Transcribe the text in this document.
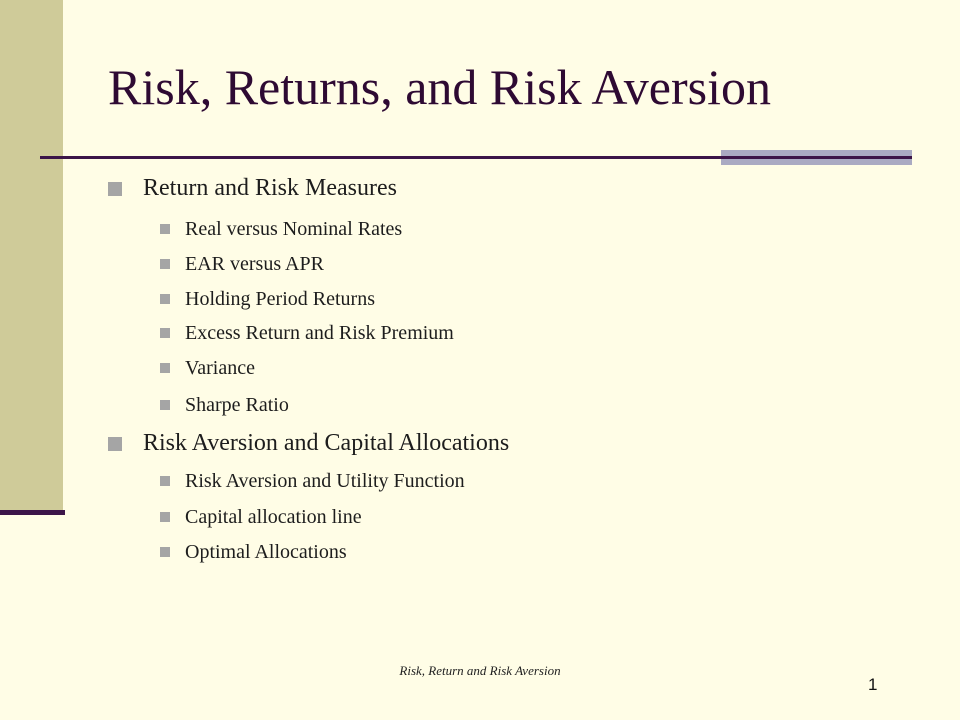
Risk, Returns, and Risk Aversion
Return and Risk Measures
Real versus Nominal Rates
EAR versus APR
Holding Period Returns
Excess Return and Risk Premium
Variance
Sharpe Ratio
Risk Aversion and Capital Allocations
Risk Aversion and Utility Function
Capital allocation line
Optimal Allocations
Risk, Return and Risk Aversion
1
